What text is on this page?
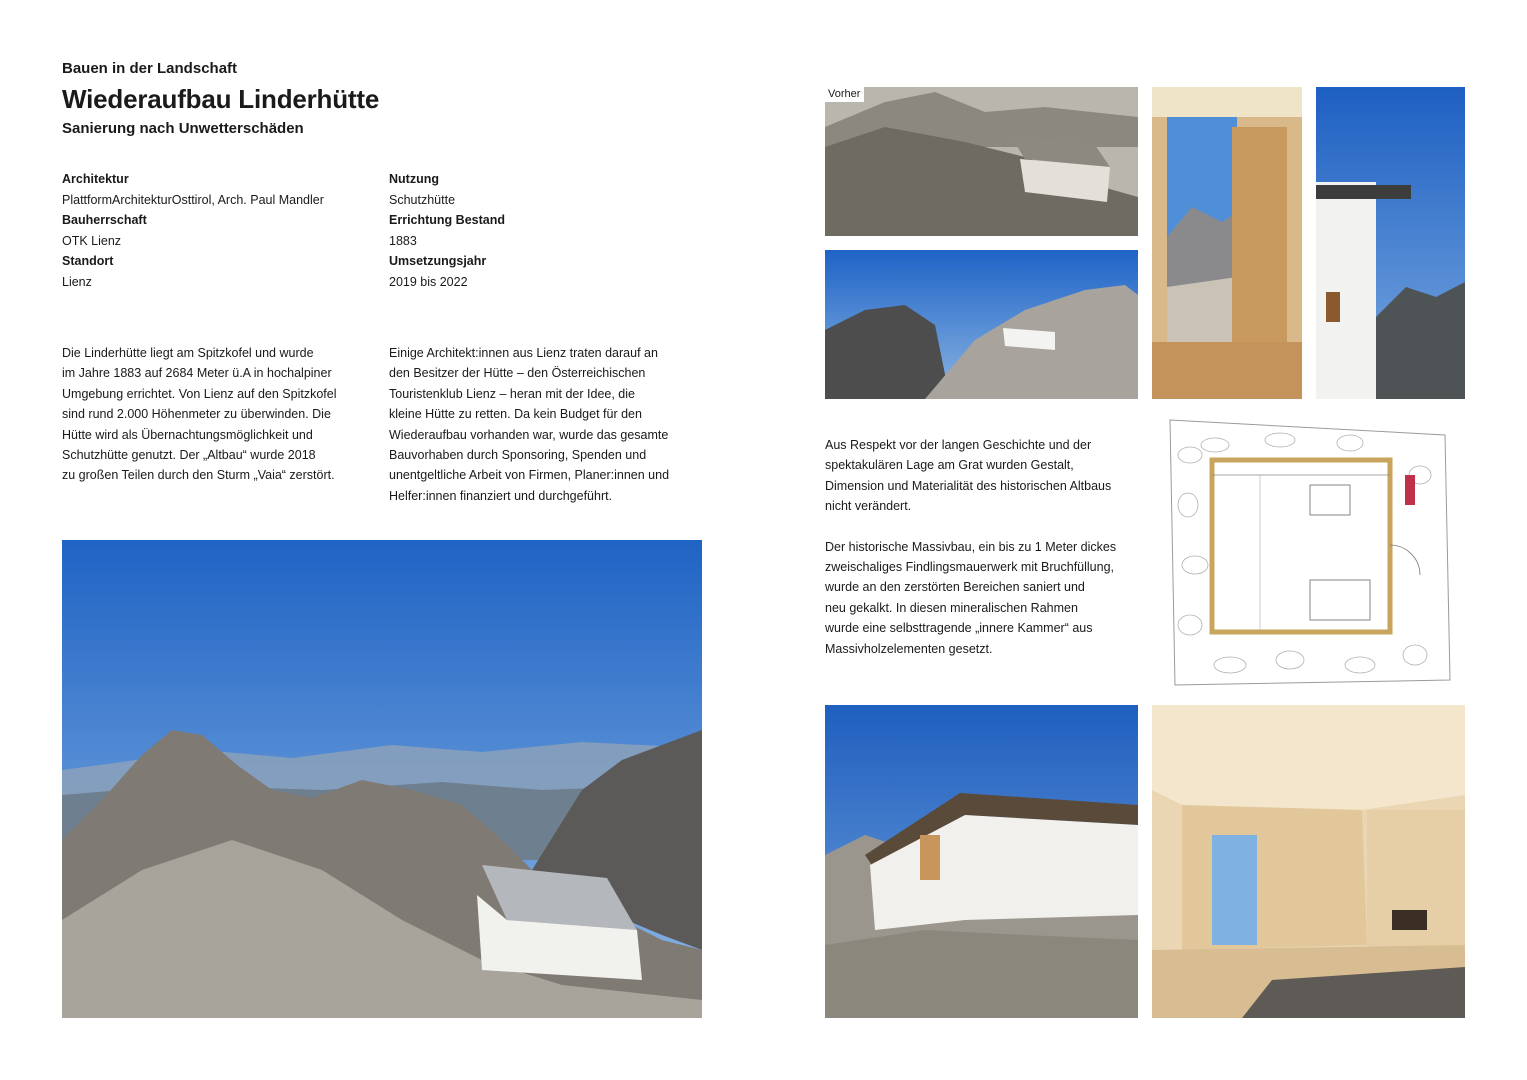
Bauen in der Landschaft
Wiederaufbau Linderhütte
Sanierung nach Unwetterschäden
Architektur
PlattformArchitekturOsttirol, Arch. Paul Mandler
Bauherrschaft
OTK Lienz
Standort
Lienz
Nutzung
Schutzhütte
Errichtung Bestand
1883
Umsetzungsjahr
2019 bis 2022
Die Linderhütte liegt am Spitzkofel und wurde
im Jahre 1883 auf 2684 Meter ü.A in hochalpiner
Umgebung errichtet. Von Lienz auf den Spitzkofel
sind rund 2.000 Höhenmeter zu überwinden. Die
Hütte wird als Übernachtungsmöglichkeit und
Schutzhütte genutzt. Der „Altbau“ wurde 2018
zu großen Teilen durch den Sturm „Vaia“ zerstört.
Einige Architekt:innen aus Lienz traten darauf an
den Besitzer der Hütte – den Österreichischen
Touristenklub Lienz – heran mit der Idee, die
kleine Hütte zu retten. Da kein Budget für den
Wiederaufbau vorhanden war, wurde das gesamte
Bauvorhaben durch Sponsoring, Spenden und
unentgeltliche Arbeit von Firmen, Planer:innen und
Helfer:innen finanziert und durchgeführt.

Aus Respekt vor der langen Geschichte und der
spektakulären Lage am Grat wurden Gestalt,
Dimension und Materialität des historischen Altbaus
nicht verändert.

Der historische Massivbau, ein bis zu 1 Meter dickes
zweischaliges Findlingsmauerwerk mit Bruchfüllung,
wurde an den zerstörten Bereichen saniert und
neu gekalkt. In diesen mineralischen Rahmen
wurde eine selbsttragende „innere Kammer“ aus
Massivholzelementen gesetzt.

Vorher
